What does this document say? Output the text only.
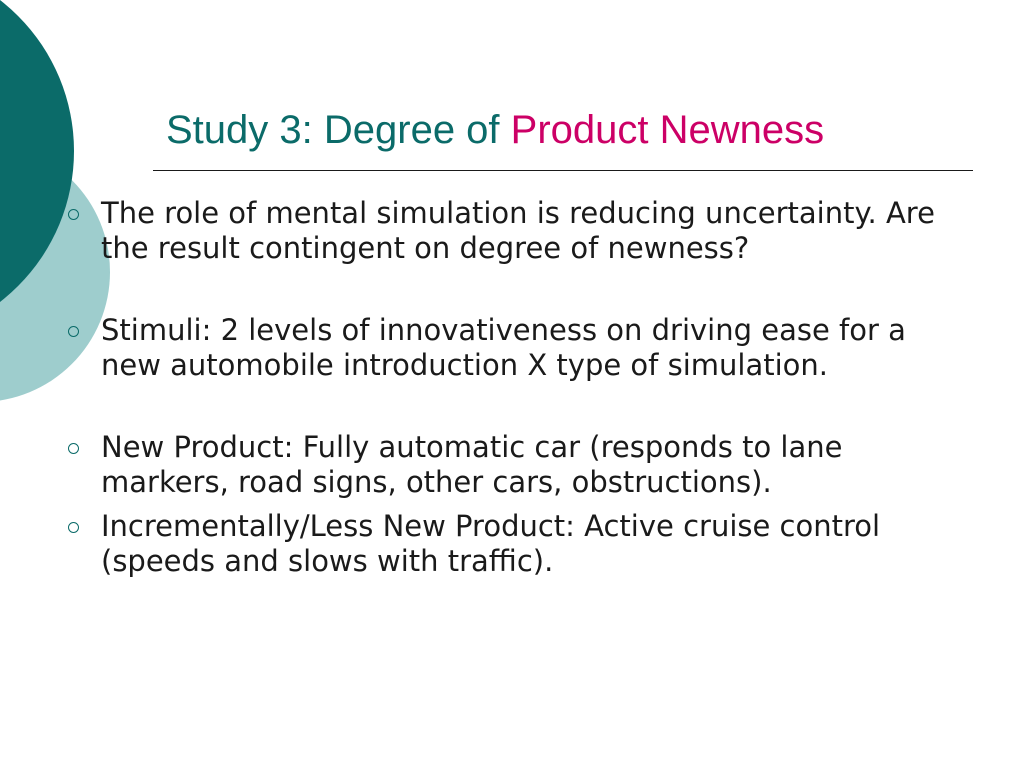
Study 3: Degree of Product Newness
The role of mental simulation is reducing uncertainty. Are the result contingent on degree of newness?
Stimuli: 2 levels of innovativeness on driving ease for a new automobile introduction X type of simulation.
New Product: Fully automatic car (responds to lane markers, road signs, other cars, obstructions).
Incrementally/Less New Product: Active cruise control (speeds and slows with traffic).
